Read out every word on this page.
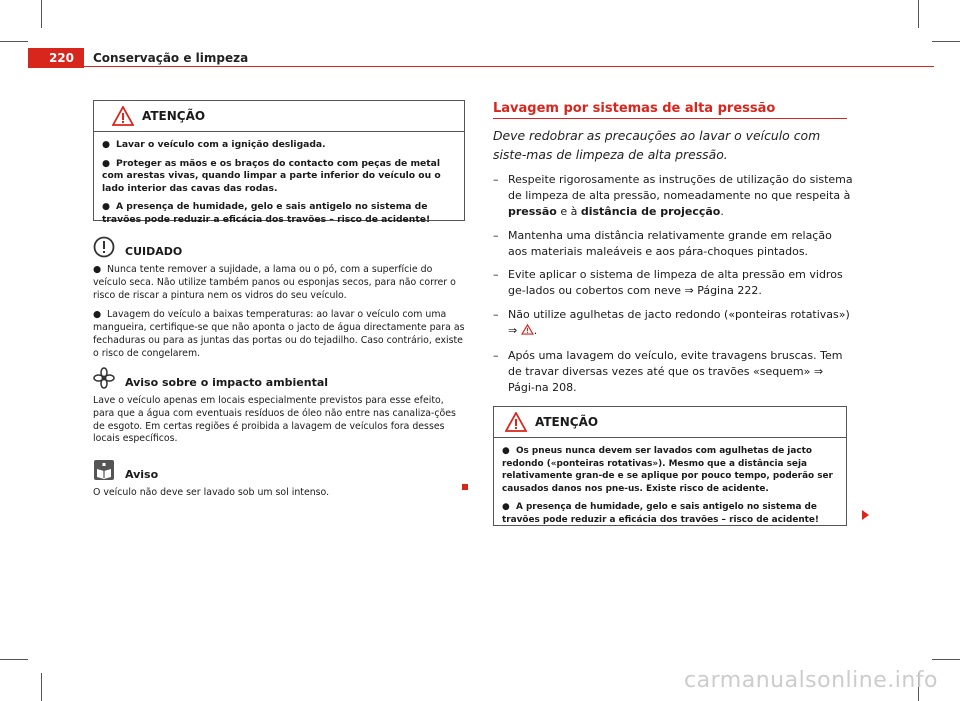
220	Conservação e limpeza
ATENÇÃO
● Lavar o veículo com a ignição desligada.
● Proteger as mãos e os braços do contacto com peças de metal com arestas vivas, quando limpar a parte inferior do veículo ou o lado interior das cavas das rodas.
● A presença de humidade, gelo e sais antigelo no sistema de travões pode reduzir a eficácia dos travões – risco de acidente!
CUIDADO
● Nunca tente remover a sujidade, a lama ou o pó, com a superfície do veículo seca. Não utilize também panos ou esponjas secos, para não correr o risco de riscar a pintura nem os vidros do seu veículo.
● Lavagem do veículo a baixas temperaturas: ao lavar o veículo com uma mangueira, certifique-se que não aponta o jacto de água directamente para as fechaduras ou para as juntas das portas ou do tejadilho. Caso contrário, existe o risco de congelarem.
Aviso sobre o impacto ambiental
Lave o veículo apenas em locais especialmente previstos para esse efeito, para que a água com eventuais resíduos de óleo não entre nas canaliza-ções de esgoto. Em certas regiões é proibida a lavagem de veículos fora desses locais específicos.
Aviso
O veículo não deve ser lavado sob um sol intenso.
Lavagem por sistemas de alta pressão
Deve redobrar as precauções ao lavar o veículo com siste-mas de limpeza de alta pressão.
– Respeite rigorosamente as instruções de utilização do sistema de limpeza de alta pressão, nomeadamente no que respeita à pressão e à distância de projecção.
– Mantenha uma distância relativamente grande em relação aos materiais maleáveis e aos pára-choques pintados.
– Evite aplicar o sistema de limpeza de alta pressão em vidros ge-lados ou cobertos com neve ⇒ Página 222.
– Não utilize agulhetas de jacto redondo («ponteiras rotativas») ⇒ .
– Após uma lavagem do veículo, evite travagens bruscas. Tem de travar diversas vezes até que os travões «sequem» ⇒ Pági-na 208.
ATENÇÃO
● Os pneus nunca devem ser lavados com agulhetas de jacto redondo («ponteiras rotativas»). Mesmo que a distância seja relativamente gran-de e se aplique por pouco tempo, poderão ser causados danos nos pne-us. Existe risco de acidente.
● A presença de humidade, gelo e sais antigelo no sistema de travões pode reduzir a eficácia dos travões – risco de acidente!
carmanualsonline.info
